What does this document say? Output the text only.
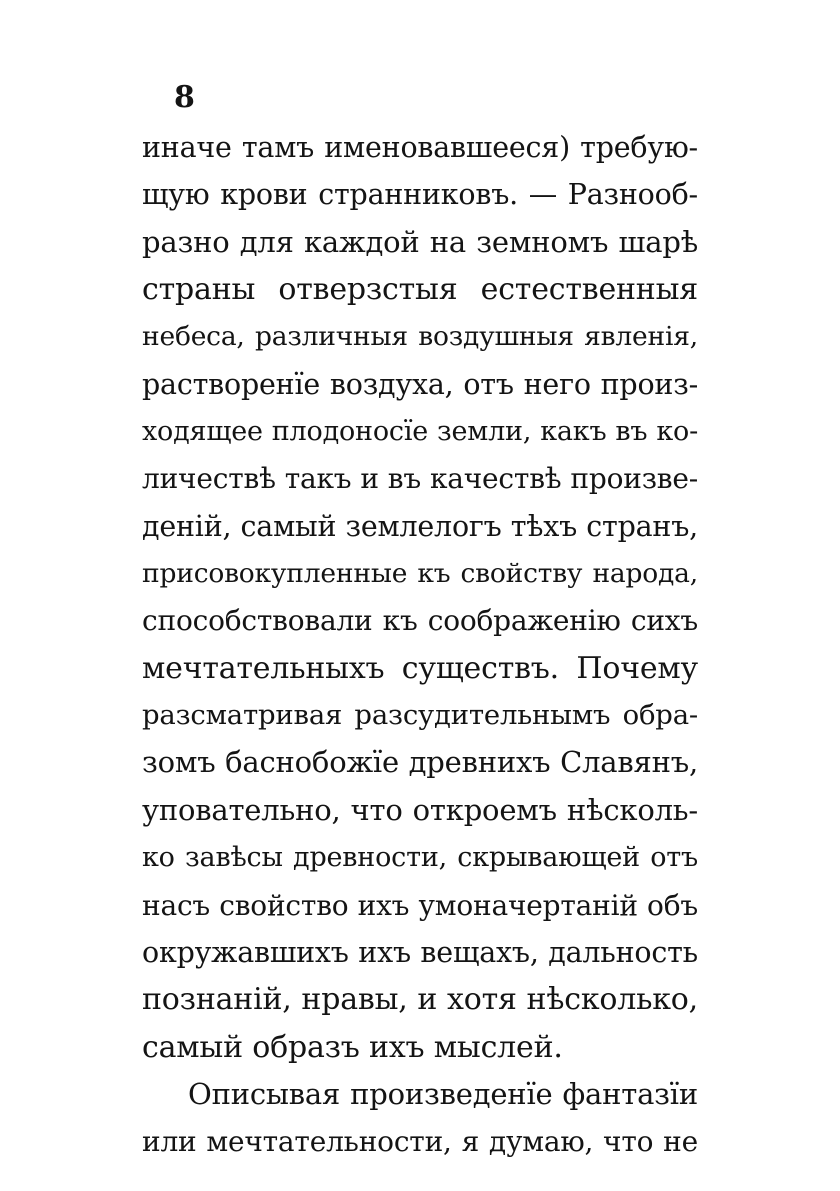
8
иначе тамъ именовавшееся) требую-
щую крови странниковъ. — Разнооб-
разно для каждой на земномъ шарѣ
страны отверзстыя естественныя
небеса, различныя воздушныя явленія,
растворенїе воздуха, отъ него произ-
ходящее плодоносїе земли, какъ въ ко-
личествѣ такъ и въ качествѣ произве-
деній, самый землелогъ тѣхъ странъ,
присовокупленные къ свойству народа,
способствовали къ соображенію сихъ
мечтательныхъ существъ. Почему
разсматривая разсудительнымъ обра-
зомъ баснобожїе древнихъ Славянъ,
уповательно, что откроемъ нѣсколь-
ко завѣсы древности, скрывающей отъ
насъ свойство ихъ умоначертаній объ
окружавшихъ ихъ вещахъ, дальность
познаній, нравы, и хотя нѣсколько,
самый образъ ихъ мыслей.
Описывая произведенїе фантазїи
или мечтательности, я думаю, что не
